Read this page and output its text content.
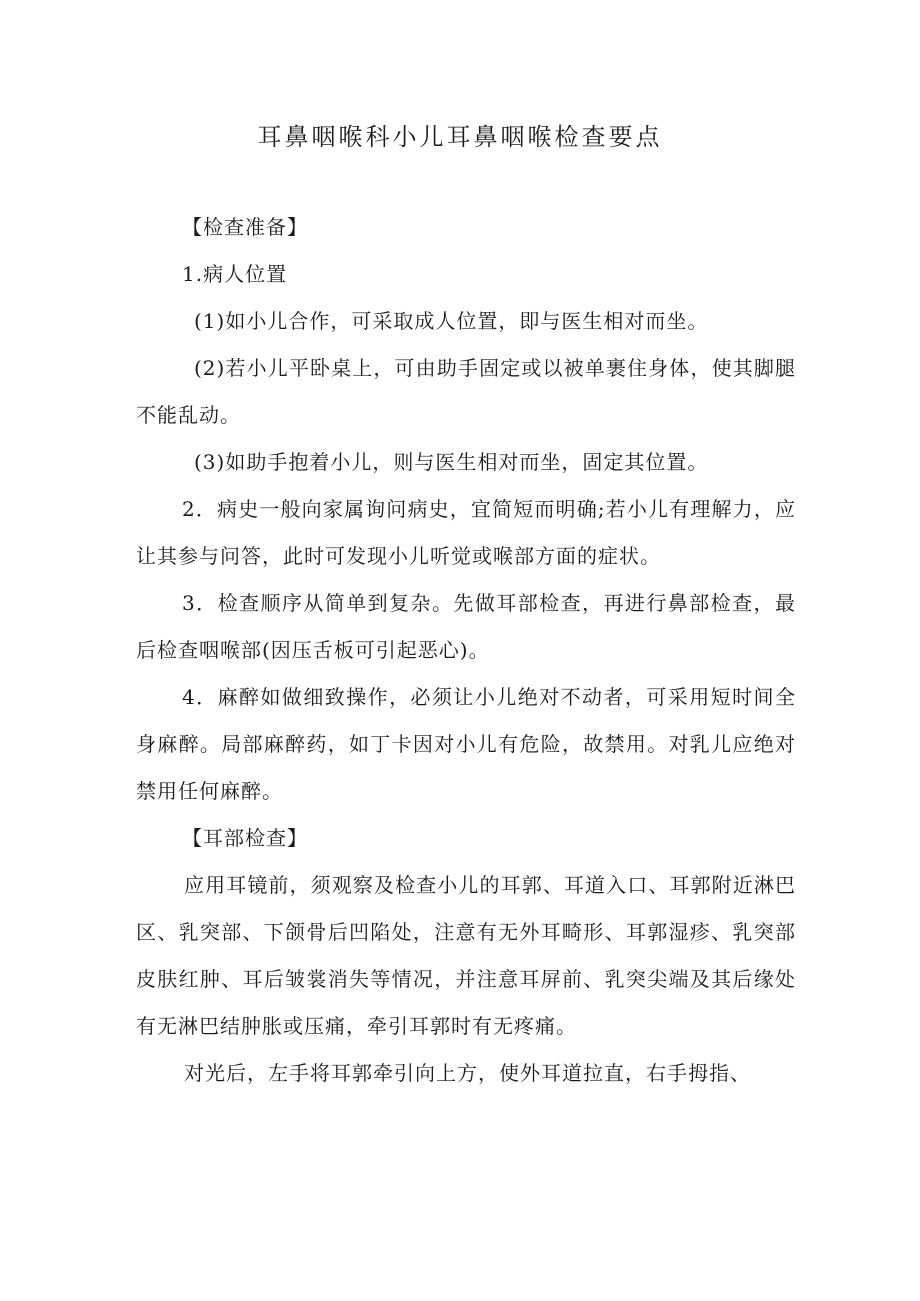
耳鼻咽喉科小儿耳鼻咽喉检查要点

【检查准备】

1.病人位置

(1)如小儿合作，可采取成人位置，即与医生相对而坐。

(2)若小儿平卧桌上，可由助手固定或以被单裹住身体，使其脚腿不能乱动。

(3)如助手抱着小儿，则与医生相对而坐，固定其位置。

2．病史一般向家属询问病史，宜简短而明确;若小儿有理解力，应让其参与问答，此时可发现小儿听觉或喉部方面的症状。

3．检查顺序从简单到复杂。先做耳部检查，再进行鼻部检查，最后检查咽喉部(因压舌板可引起恶心)。

4．麻醉如做细致操作，必须让小儿绝对不动者，可采用短时间全身麻醉。局部麻醉药，如丁卡因对小儿有危险，故禁用。对乳儿应绝对禁用任何麻醉。

【耳部检查】

应用耳镜前，须观察及检查小儿的耳郭、耳道入口、耳郭附近淋巴区、乳突部、下颌骨后凹陷处，注意有无外耳畸形、耳郭湿疹、乳突部皮肤红肿、耳后皱裳消失等情况，并注意耳屏前、乳突尖端及其后缘处有无淋巴结肿胀或压痛，牵引耳郭时有无疼痛。

对光后，左手将耳郭牵引向上方，使外耳道拉直，右手拇指、
